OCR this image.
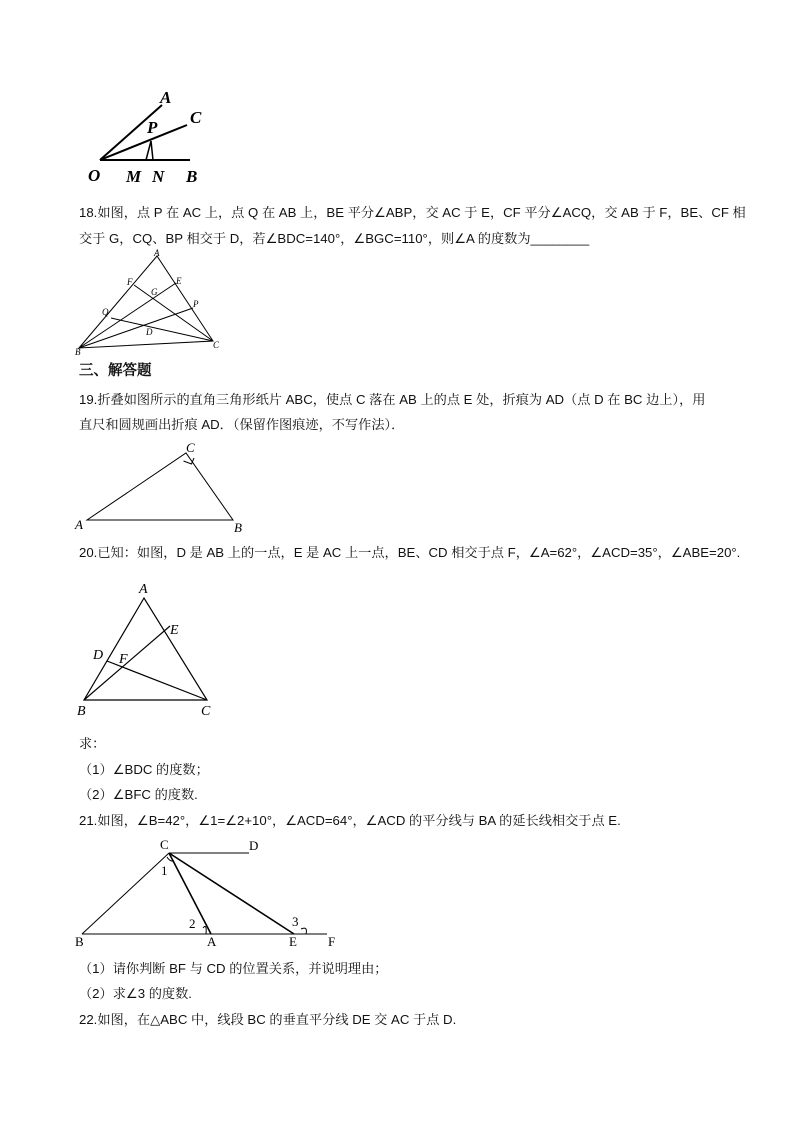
A
P
C
O M N B
18.如图，点 P 在 AC 上，点 Q 在 AB 上，BE 平分∠ABP，交 AC 于 E，CF 平分∠ACQ，交 AB 于 F，BE、CF 相
交于 G，CQ、BP 相交于 D，若∠BDC=140°，∠BGC=110°，则∠A 的度数为________
A
F	E
G
P
Q
D
B
C
三、解答题
19.折叠如图所示的直角三角形纸片 ABC，使点 C 落在 AB 上的点 E 处，折痕为 AD（点 D 在 BC 边上），用
直尺和圆规画出折痕 AD．（保留作图痕迹，不写作法）．
C
A	B
20.已知：如图，D 是 AB 上的一点，E 是 AC 上一点，BE、CD 相交于点 F，∠A=62°，∠ACD=35°，∠ABE=20°.
A
E
D F
B	C
求：
（1）∠BDC 的度数；
（2）∠BFC 的度数.
21.如图，∠B=42°，∠1=∠2+10°，∠ACD=64°，∠ACD 的平分线与 BA 的延长线相交于点 E.
C	D
1
2	3
B	A	E F
（1）请你判断 BF 与 CD 的位置关系，并说明理由；
（2）求∠3 的度数.
22.如图，在△ABC 中，线段 BC 的垂直平分线 DE 交 AC 于点 D.
